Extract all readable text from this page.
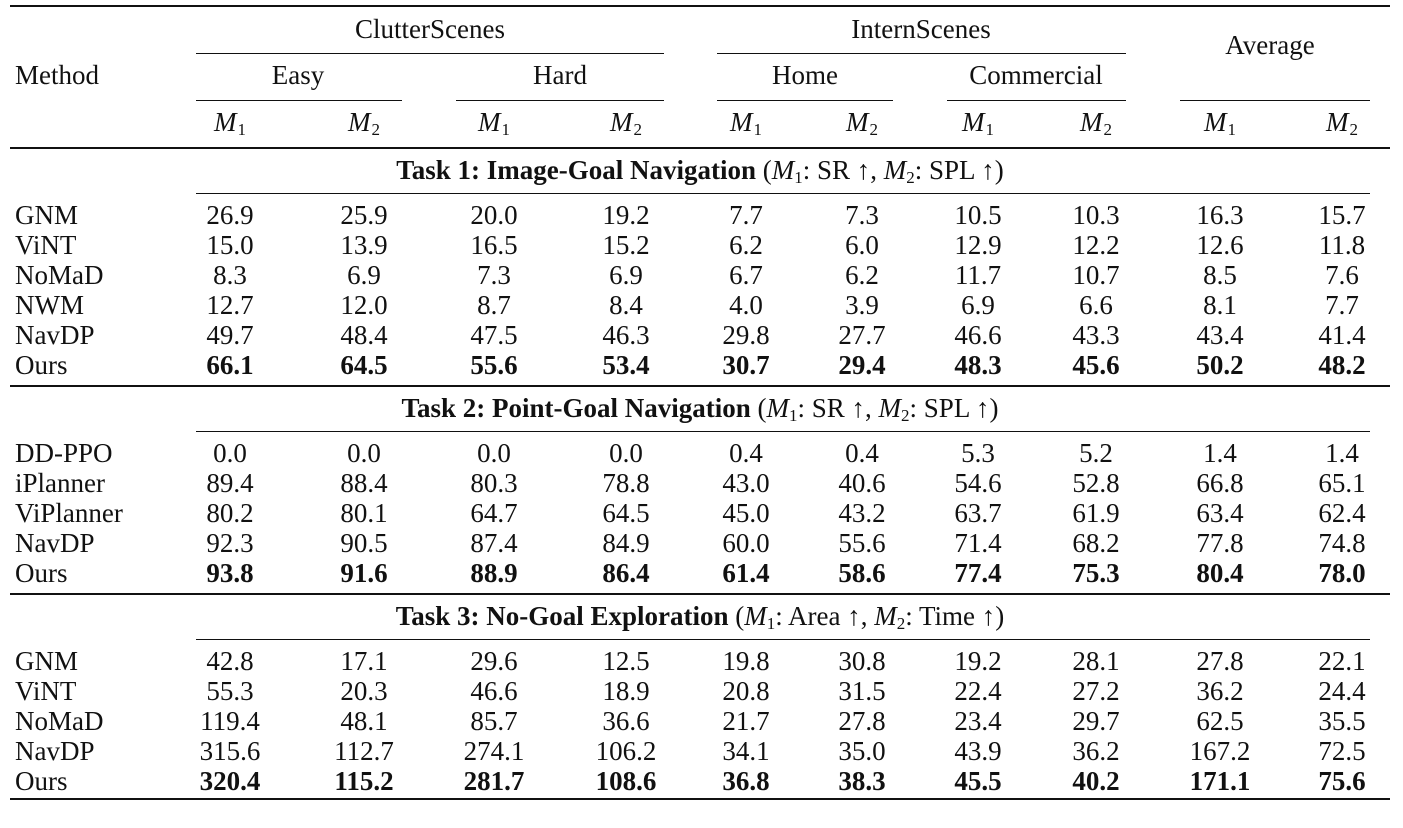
Method
ClutterScenes
Easy	Hard
InternScenes
Home	Commercial
Average
$M_1$	$M_2$	$M_1$	$M_2$	$M_1$	$M_2$	$M_1$	$M_2$	$M_1$	$M_2$
Task 1: Image-Goal Navigation ($M_1$: SR ↑, $M_2$: SPL ↑)
GNM	26.9	25.9	20.0	19.2	7.7	7.3	10.5	10.3	16.3	15.7
ViNT	15.0	13.9	16.5	15.2	6.2	6.0	12.9	12.2	12.6	11.8
NoMaD	8.3	6.9	7.3	6.9	6.7	6.2	11.7	10.7	8.5	7.6
NWM	12.7	12.0	8.7	8.4	4.0	3.9	6.9	6.6	8.1	7.7
NavDP	49.7	48.4	47.5	46.3	29.8	27.7	46.6	43.3	43.4	41.4
Ours	66.1	64.5	55.6	53.4	30.7	29.4	48.3	45.6	50.2	48.2
Task 2: Point-Goal Navigation ($M_1$: SR ↑, $M_2$: SPL ↑)
DD-PPO	0.0	0.0	0.0	0.0	0.4	0.4	5.3	5.2	1.4	1.4
iPlanner	89.4	88.4	80.3	78.8	43.0	40.6	54.6	52.8	66.8	65.1
ViPlanner	80.2	80.1	64.7	64.5	45.0	43.2	63.7	61.9	63.4	62.4
NavDP	92.3	90.5	87.4	84.9	60.0	55.6	71.4	68.2	77.8	74.8
Ours	93.8	91.6	88.9	86.4	61.4	58.6	77.4	75.3	80.4	78.0
Task 3: No-Goal Exploration ($M_1$: Area ↑, $M_2$: Time ↑)
GNM	42.8	17.1	29.6	12.5	19.8	30.8	19.2	28.1	27.8	22.1
ViNT	55.3	20.3	46.6	18.9	20.8	31.5	22.4	27.2	36.2	24.4
NoMaD	119.4	48.1	85.7	36.6	21.7	27.8	23.4	29.7	62.5	35.5
NavDP	315.6	112.7	274.1	106.2 34.1	35.0	43.9	36.2	167.2	72.5
Ours	320.4	115.2	281.7	108.6 36.8	38.3	45.5	40.2	171.1	75.6
